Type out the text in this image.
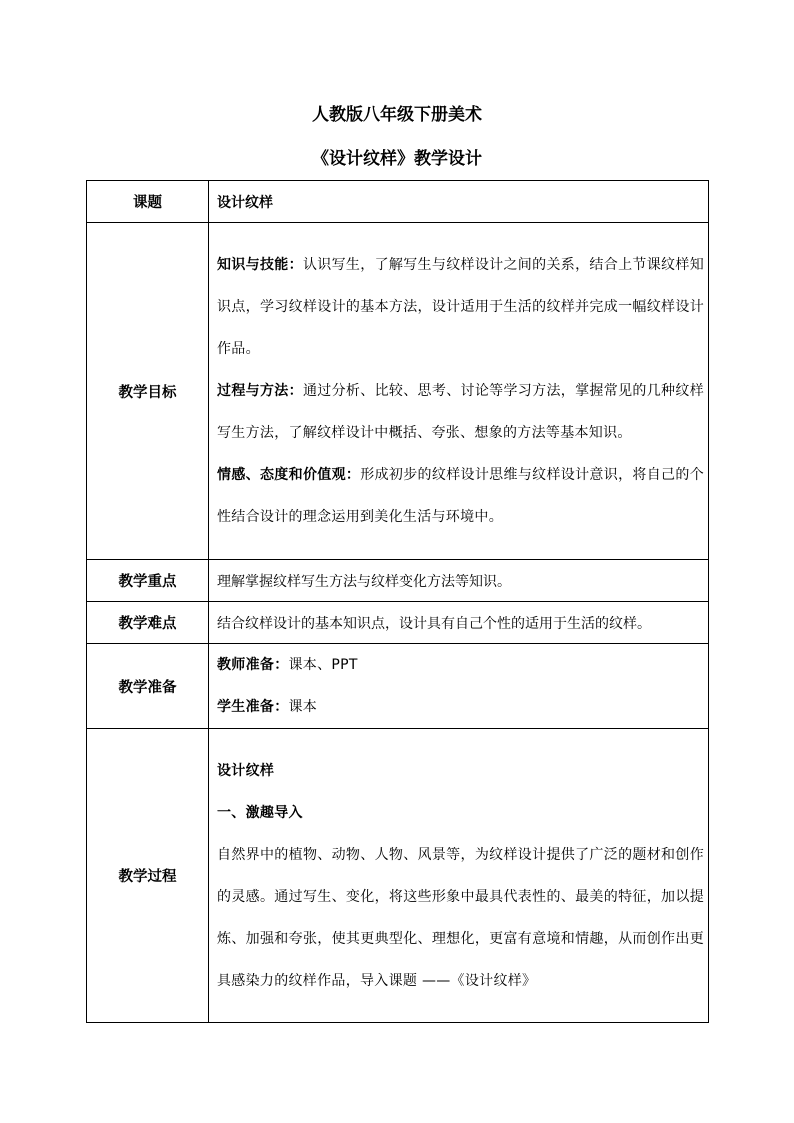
人教版八年级下册美术
《设计纹样》教学设计
课题	设计纹样
教学目标	知识与技能：认识写生，了解写生与纹样设计之间的关系，结合上节课纹样知识点，学习纹样设计的基本方法，设计适用于生活的纹样并完成一幅纹样设计作品。
过程与方法：通过分析、比较、思考、讨论等学习方法，掌握常见的几种纹样写生方法，了解纹样设计中概括、夸张、想象的方法等基本知识。
情感、态度和价值观：形成初步的纹样设计思维与纹样设计意识，将自己的个性结合设计的理念运用到美化生活与环境中。

教学重点	理解掌握纹样写生方法与纹样变化方法等知识。
教学难点	结合纹样设计的基本知识点，设计具有自己个性的适用于生活的纹样。
教学准备	教师准备：课本、PPT
学生准备：课本

教学过程	设计纹样
一、激趣导入
自然界中的植物、动物、人物、风景等，为纹样设计提供了广泛的题材和创作的灵感。通过写生、变化，将这些形象中最具代表性的、最美的特征，加以提炼、加强和夸张，使其更典型化、理想化，更富有意境和情趣，从而创作出更具感染力的纹样作品，导入课题 ——《设计纹样》
